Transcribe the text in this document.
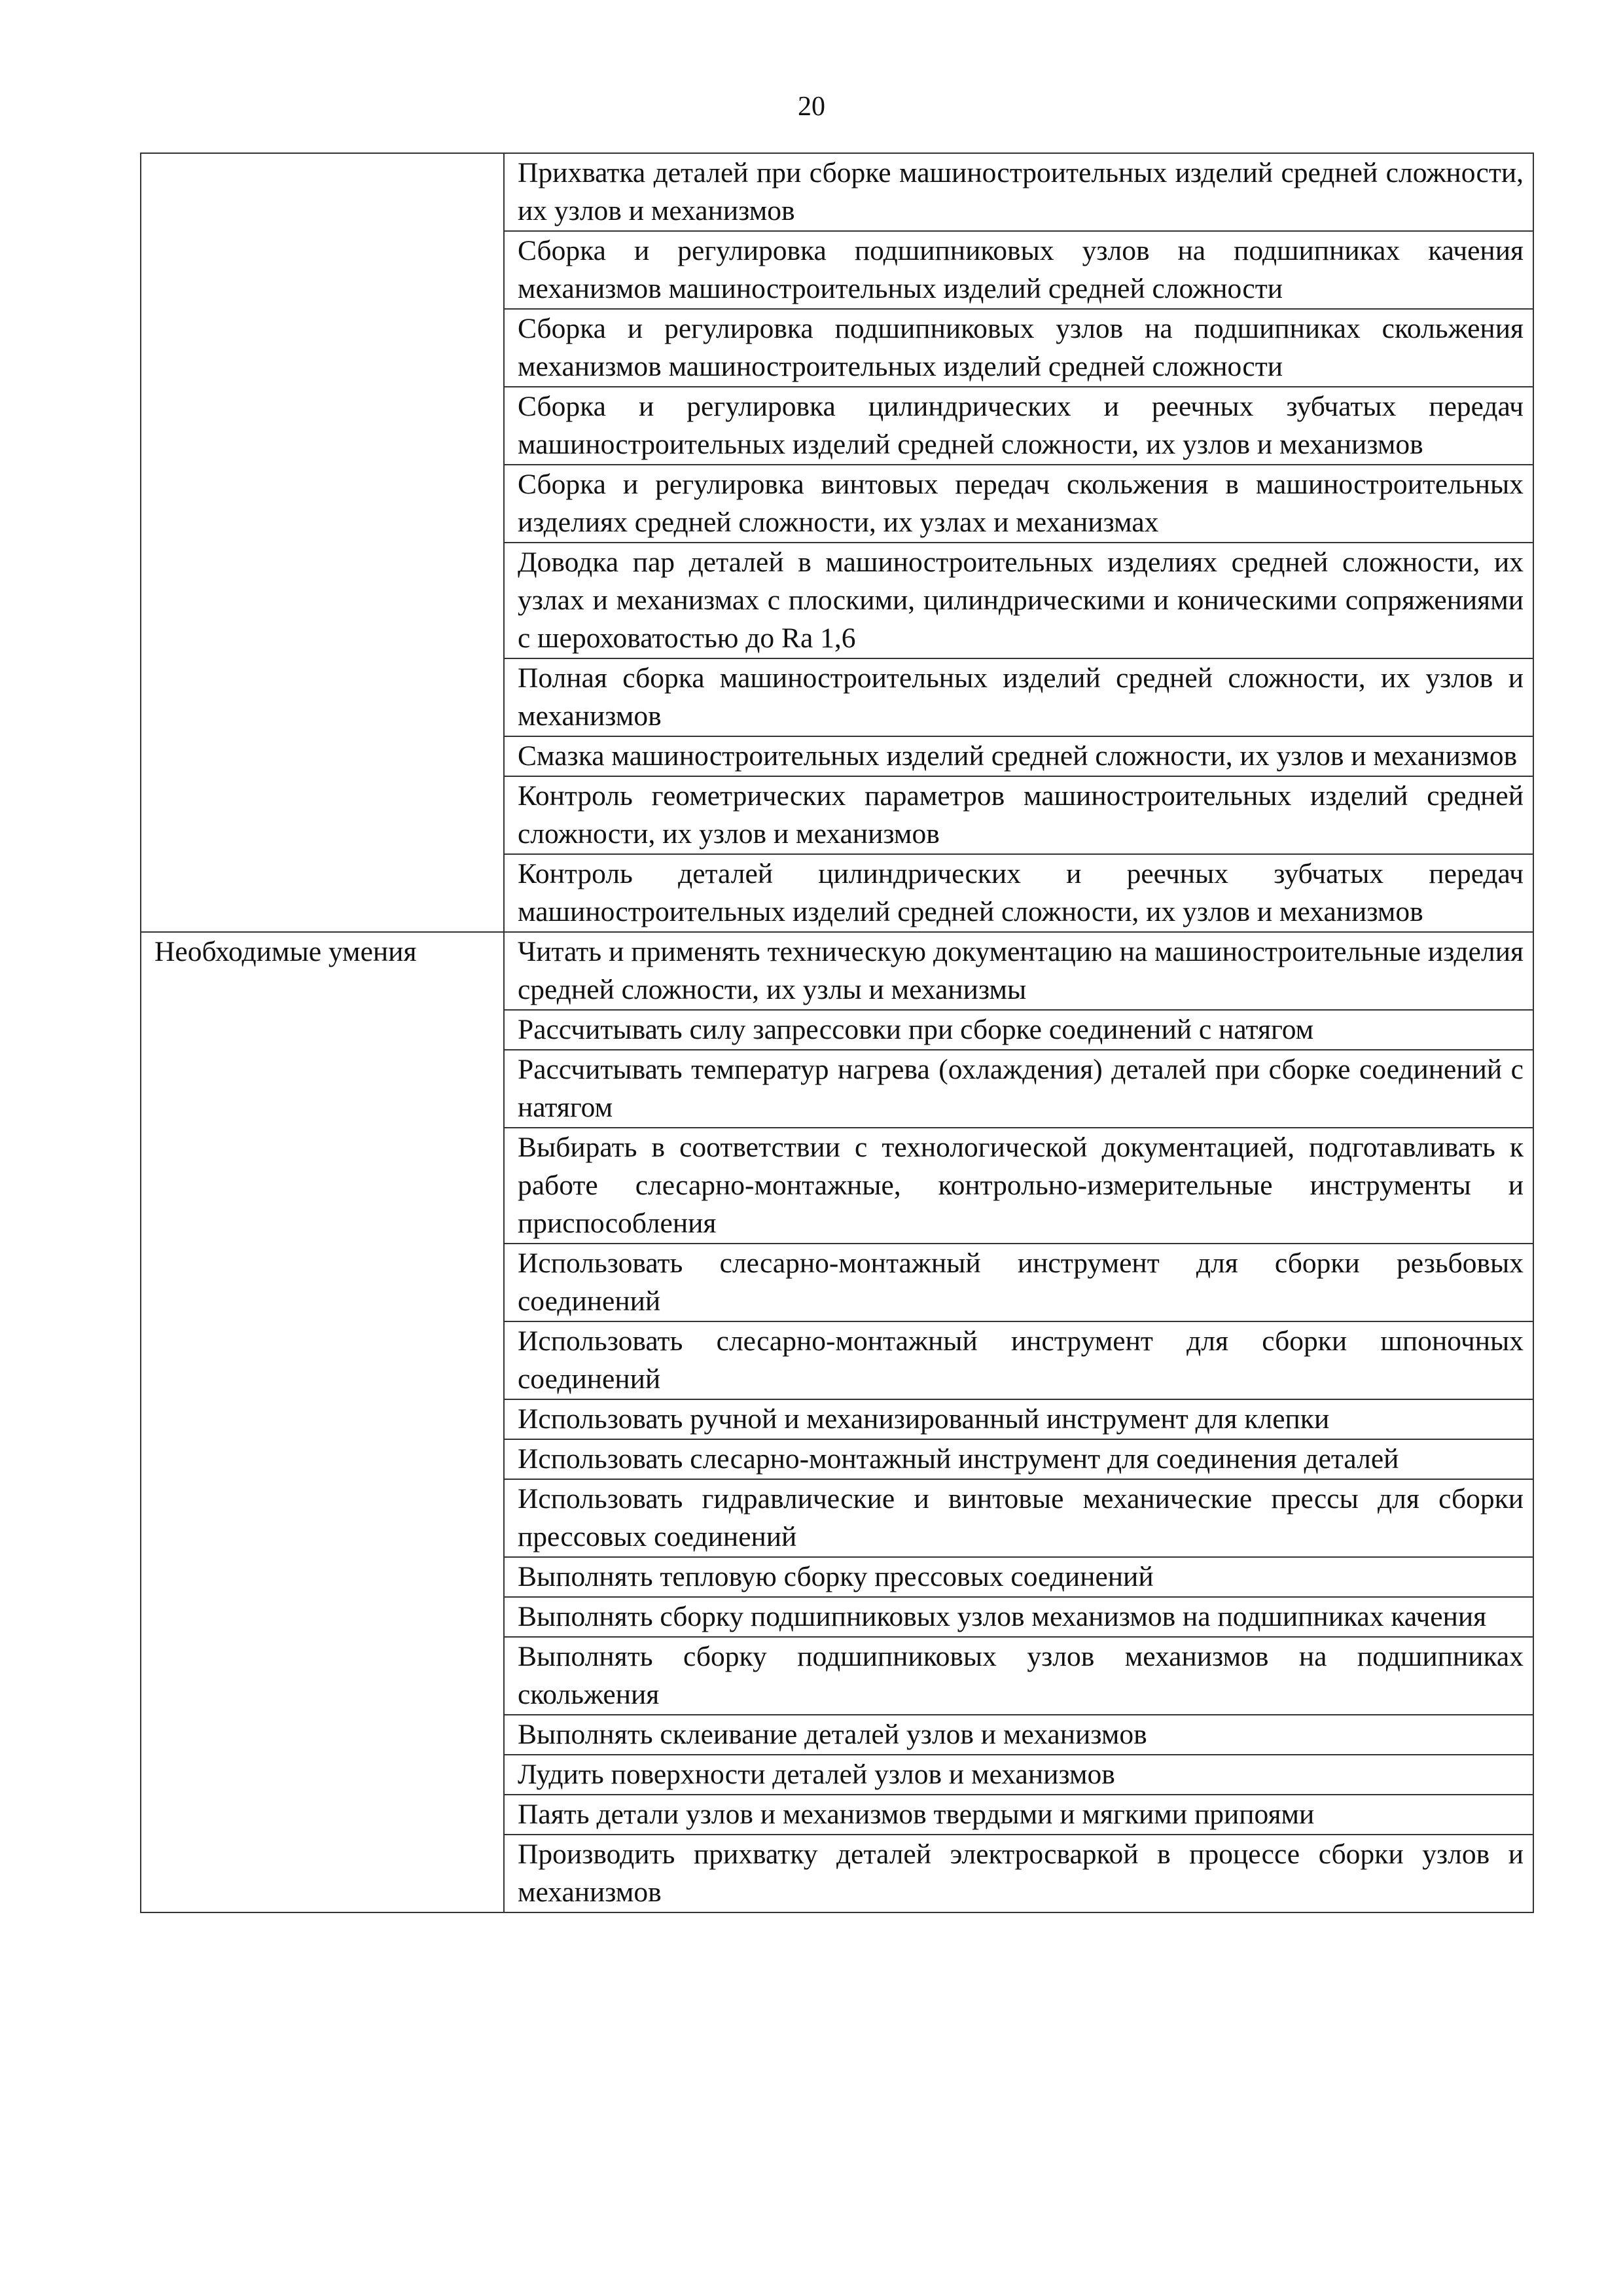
20
	Прихватка деталей при сборке машиностроительных изделий средней сложности, их узлов и механизмов
	Сборка и регулировка подшипниковых узлов на подшипниках качения механизмов машиностроительных изделий средней сложности
	Сборка и регулировка подшипниковых узлов на подшипниках скольжения механизмов машиностроительных изделий средней сложности
	Сборка и регулировка цилиндрических и реечных зубчатых передач машиностроительных изделий средней сложности, их узлов и механизмов
	Сборка и регулировка винтовых передач скольжения в машиностроительных изделиях средней сложности, их узлах и механизмах
	Доводка пар деталей в машиностроительных изделиях средней сложности, их узлах и механизмах с плоскими, цилиндрическими и коническими сопряжениями с шероховатостью до Ra 1,6
	Полная сборка машиностроительных изделий средней сложности, их узлов и механизмов
	Смазка машиностроительных изделий средней сложности, их узлов и механизмов
	Контроль геометрических параметров машиностроительных изделий средней сложности, их узлов и механизмов
	Контроль деталей цилиндрических и реечных зубчатых передач машиностроительных изделий средней сложности, их узлов и механизмов
Необходимые умения	Читать и применять техническую документацию на машиностроительные изделия средней сложности, их узлы и механизмы
	Рассчитывать силу запрессовки при сборке соединений с натягом
	Рассчитывать температур нагрева (охлаждения) деталей при сборке соединений с натягом
	Выбирать в соответствии с технологической документацией, подготавливать к работе слесарно-монтажные, контрольно-измерительные инструменты и приспособления
	Использовать слесарно-монтажный инструмент для сборки резьбовых соединений
	Использовать слесарно-монтажный инструмент для сборки шпоночных соединений
	Использовать ручной и механизированный инструмент для клепки
	Использовать слесарно-монтажный инструмент для соединения деталей
	Использовать гидравлические и винтовые механические прессы для сборки прессовых соединений
	Выполнять тепловую сборку прессовых соединений
	Выполнять сборку подшипниковых узлов механизмов на подшипниках качения
	Выполнять сборку подшипниковых узлов механизмов на подшипниках скольжения
	Выполнять склеивание деталей узлов и механизмов
	Лудить поверхности деталей узлов и механизмов
	Паять детали узлов и механизмов твердыми и мягкими припоями
	Производить прихватку деталей электросваркой в процессе сборки узлов и механизмов
